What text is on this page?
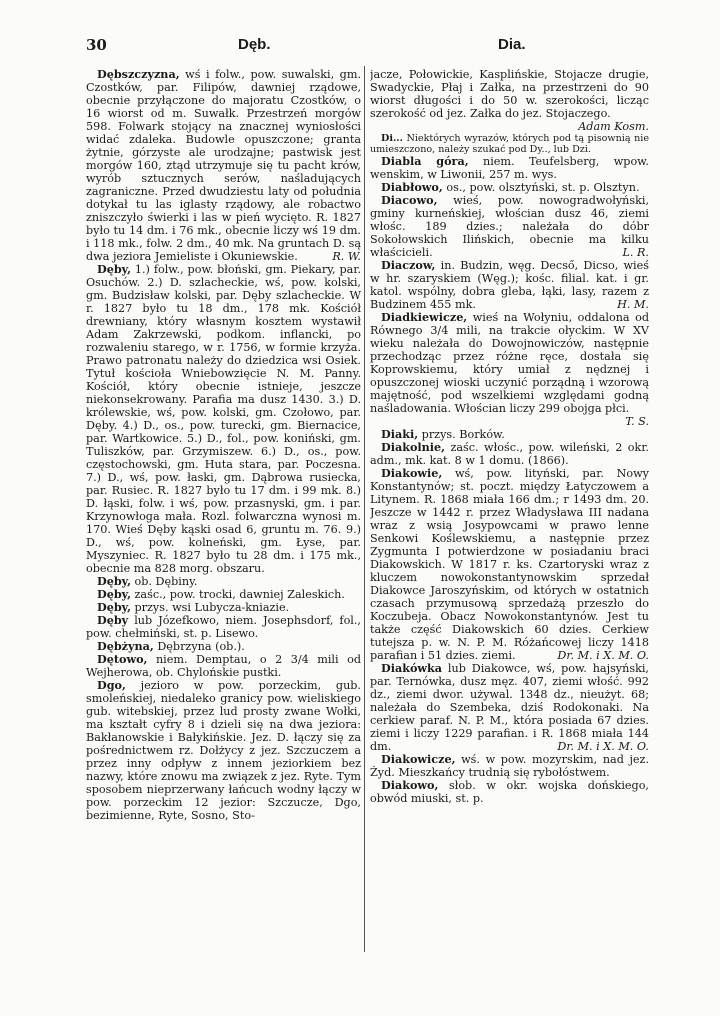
30	Dęb.	Dia.

Dębszczyzna, wś i folw., pow. suwalski, gm. Czostków, par. Filipów, dawniej rządowe, obecnie przyłączone do majoratu Czostków, o 16 wiorst od m. Suwałk. Przestrzeń morgów 598. Folwark stojący na znacznej wyniosłości widać zdaleka. Budowle opuszczone; granta żytnie, górzyste ale urodzajne; pastwisk jest morgów 160, ztąd utrzymuje się tu pacht krów, wyrób sztucznych serów, naśladujących zagraniczne. Przed dwudziestu laty od południa dotykał tu las iglasty rządowy, ale robactwo zniszczyło świerki i las w pień wycięto. R. 1827 było tu 14 dm. i 76 mk., obecnie liczy wś 19 dm. i 118 mk., folw. 2 dm., 40 mk. Na gruntach D. są dwa jeziora Jemieliste i Okuniewskie.	R. W.

Dęby, 1.) folw., pow. błoński, gm. Piekary, par. Osuchów. 2.) D. szlacheckie, wś, pow. kolski, gm. Budzisław kolski, par. Dęby szlacheckie. W r. 1827 było tu 18 dm., 178 mk. Kościół drewniany, który własnym kosztem wystawił Adam Zakrzewski, podkom. inflancki, po rozwaleniu starego, w r. 1756, w formie krzyża. Prawo patronatu należy do dziedzica wsi Osiek. Tytuł kościoła Wniebowzięcie N. M. Panny. Kościół, który obecnie istnieje, jeszcze niekonsekrowany. Parafia ma dusz 1430. 3.) D. królewskie, wś, pow. kolski, gm. Czołowo, par. Dęby. 4.) D., os., pow. turecki, gm. Biernacice, par. Wartkowice. 5.) D., fol., pow. koniński, gm. Tuliszków, par. Grzymiszew. 6.) D., os., pow. częstochowski, gm. Huta stara, par. Poczesna. 7.) D., wś, pow. łaski, gm. Dąbrowa rusiecka, par. Rusiec. R. 1827 było tu 17 dm. i 99 mk. 8.) D. łąski, folw. i wś, pow. przasnyski, gm. i par. Krzynowłoga mała. Rozl. folwarczna wynosi m. 170. Wieś Dęby kąski osad 6, gruntu m. 76. 9.) D., wś, pow. kolneński, gm. Łyse, par. Myszyniec. R. 1827 było tu 28 dm. i 175 mk., obecnie ma 828 morg. obszaru.

Dęby, ob. Dębiny.

Dęby, zaśc., pow. trocki, dawniej Zaleskich.

Dęby, przys. wsi Lubycza-kniazie.

Dęby lub Józefkowo, niem. Josephsdorf, fol., pow. chełmiński, st. p. Lisewo.

Dębżyna, Dębrzyna (ob.).

Dętowo, niem. Demptau, o 2 3/4 mili od Wejherowa, ob. Chylońskie pustki.

Dgo, jezioro w pow. porzeckim, gub. smoleńskiej, niedaleko granicy pow. wieliskiego gub. witebskiej, przez lud prosty zwane Wołki, ma kształt cyfry 8 i dzieli się na dwa jeziora: Bakłanowskie i Bałykińskie. Jez. D. łączy się za pośrednictwem rz. Dołżycy z jez. Szczuczem a przez inny odpływ z innem jeziorkiem bez nazwy, które znowu ma związek z jez. Ryte. Tym sposobem nieprzerwany łańcuch wodny łączy w pow. porzeckim 12 jezior: Szczucze, Dgo, bezimienne, Ryte, Sosno, Sto-

jacze, Połowickie, Kasplińskie, Stojacze drugie, Swadyckie, Płaj i Załka, na przestrzeni do 90 wiorst długości i do 50 w. szerokości, licząc szerokość od jez. Załka do jez. Stojaczego.
Adam Kosm.

Di... Niektórych wyrazów, których pod tą pisownią nie umieszczono, należy szukać pod Dy.., lub Dzi.

Diabla góra, niem. Teufelsberg, wpow. wenskim, w Liwonii, 257 m. wys.

Diabłowo, os., pow. olsztyński, st. p. Olsztyn.

Diacowo, wieś, pow. nowogradwołyński, gminy kurneńskiej, włościan dusz 46, ziemi włośc. 189 dzies.; należała do dóbr Sokołowskich Ilińskich, obecnie ma kilku właścicieli.	L. R.

Diaczow, in. Budzin, węg. Decső, Dicso, wieś w hr. szaryskiem (Węg.); kośc. filial. kat. i gr. katol. wspólny, dobra gleba, łąki, lasy, razem z Budzinem 455 mk.	H. M.

Diadkiewicze, wieś na Wołyniu, oddalona od Równego 3/4 mili, na trakcie ołyckim. W XV wieku należała do Dowojnowiczów, następnie przechodząc przez różne ręce, dostała się Koprowskiemu, który umiał z nędznej i opuszczonej wioski uczynić porządną i wzorową majętność, pod wszelkiemi względami godną naśladowania. Włościan liczy 299 obojga płci.
T. S.

Diaki, przys. Borków.

Diakolnie, zaśc. włośc., pow. wileński, 2 okr. adm., mk. kat. 8 w 1 domu. (1866).

Diakowie, wś, pow. lityński, par. Nowy Konstantynów; st. poczt. między Łatyczowem a Litynem. R. 1868 miała 166 dm.; r 1493 dm. 20. Jeszcze w 1442 r. przez Władysława III nadana wraz z wsią Josypowcami w prawo lenne Senkowi Koślewskiemu, a następnie przez Zygmunta I potwierdzone w posiadaniu braci Diakowskich. W 1817 r. ks. Czartoryski wraz z kluczem nowokonstantynowskim sprzedał Diakowce Jaroszyńskim, od których w ostatnich czasach przymusową sprzedażą przeszło do Koczubeja. Obacz Nowokonstantynów. Jest tu także część Diakowskich 60 dzies. Cerkiew tutejsza p. w. N. P. M. Różańcowej liczy 1418 parafian i 51 dzies. ziemi.	Dr. M. i X. M. O.

Diakówka lub Diakowce, wś, pow. hajsyński, par. Ternówka, dusz męz. 407, ziemi włość. 992 dz., ziemi dwor. używal. 1348 dz., nieużyt. 68; należała do Szembeka, dziś Rodokonaki. Na cerkiew paraf. N. P. M., która posiada 67 dzies. ziemi i liczy 1229 parafian. i R. 1868 miała 144 dm.	Dr. M. i X. M. O.

Diakowicze, wś. w pow. mozyrskim, nad jez. Żyd. Mieszkańcy trudnią się rybołóstwem.

Diakowo, słob. w okr. wojska dońskiego, obwód miuski, st. p.
